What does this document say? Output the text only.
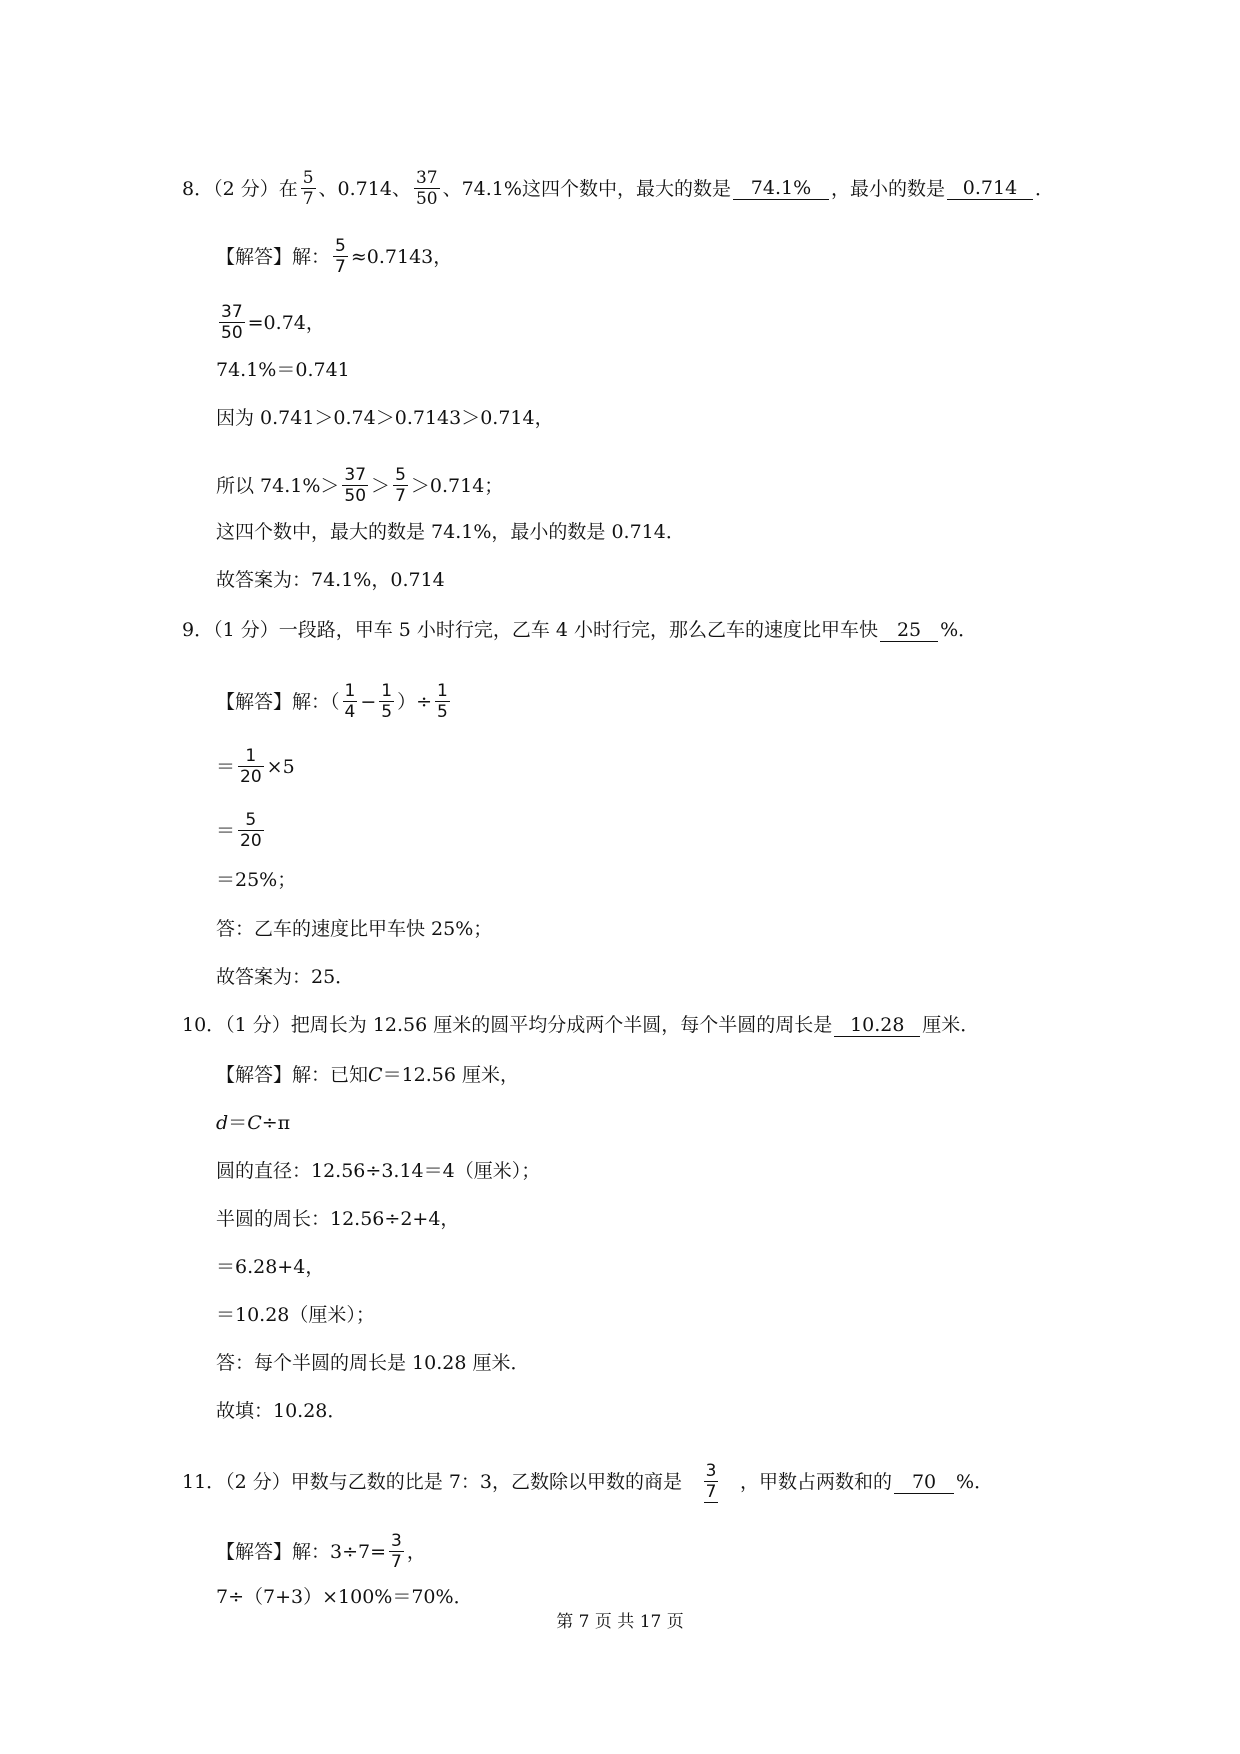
8．（2 分）在 $\frac{5}{7}$ 、0.714、 $\frac{37}{50}$ 、74.1%这四个数中，最大的数是	74.1%	，最小的数是 0.714 ．
【解答】解： $\frac{5}{7} \approx 0.7143$，
$\frac{37}{50} =0.74$，
74.1%＝0.741
因为 0.741＞0.74＞0.7143＞0.714，
所以 $74.1\%> \frac{37}{50} > \frac{5}{7} >0.714$；
这四个数中，最大的数是 74.1%，最小的数是 0.714．
故答案为：74.1%，0.714
9．（1 分）一段路，甲车 5 小时行完，乙车 4 小时行完，那么乙车的速度比甲车快 25 %．
【解答】解：（ $\frac{1}{4} - \frac{1}{5}$ ）÷ $\frac{1}{5}$
＝ $\frac{1}{20} \times 5$
＝ $\frac{5}{20}$
＝25%；
答：乙车的速度比甲车快 25%；
故答案为：25．
10．（1 分）把周长为 12.56 厘米的圆平均分成两个半圆，每个半圆的周长是 10.28 厘米．
【解答】解：已知 C ＝12.56 厘米，
d ＝ C ÷π
圆的直径：12.56÷3.14＝4（厘米）；
半圆的周长：12.56÷2+4，
＝6.28+4，
＝10.28（厘米）；
答：每个半圆的周长是 10.28 厘米．
故填：10.28．
11．（2 分）甲数与乙数的比是 7：3，乙数除以甲数的商是 $\frac{3}{7}$ ，甲数占两数和的	70	%．
【解答】解：$3\div 7= \frac{3}{7}$ ，
7÷（7+3）×100%＝70%．
第 7 页 共 17 页
